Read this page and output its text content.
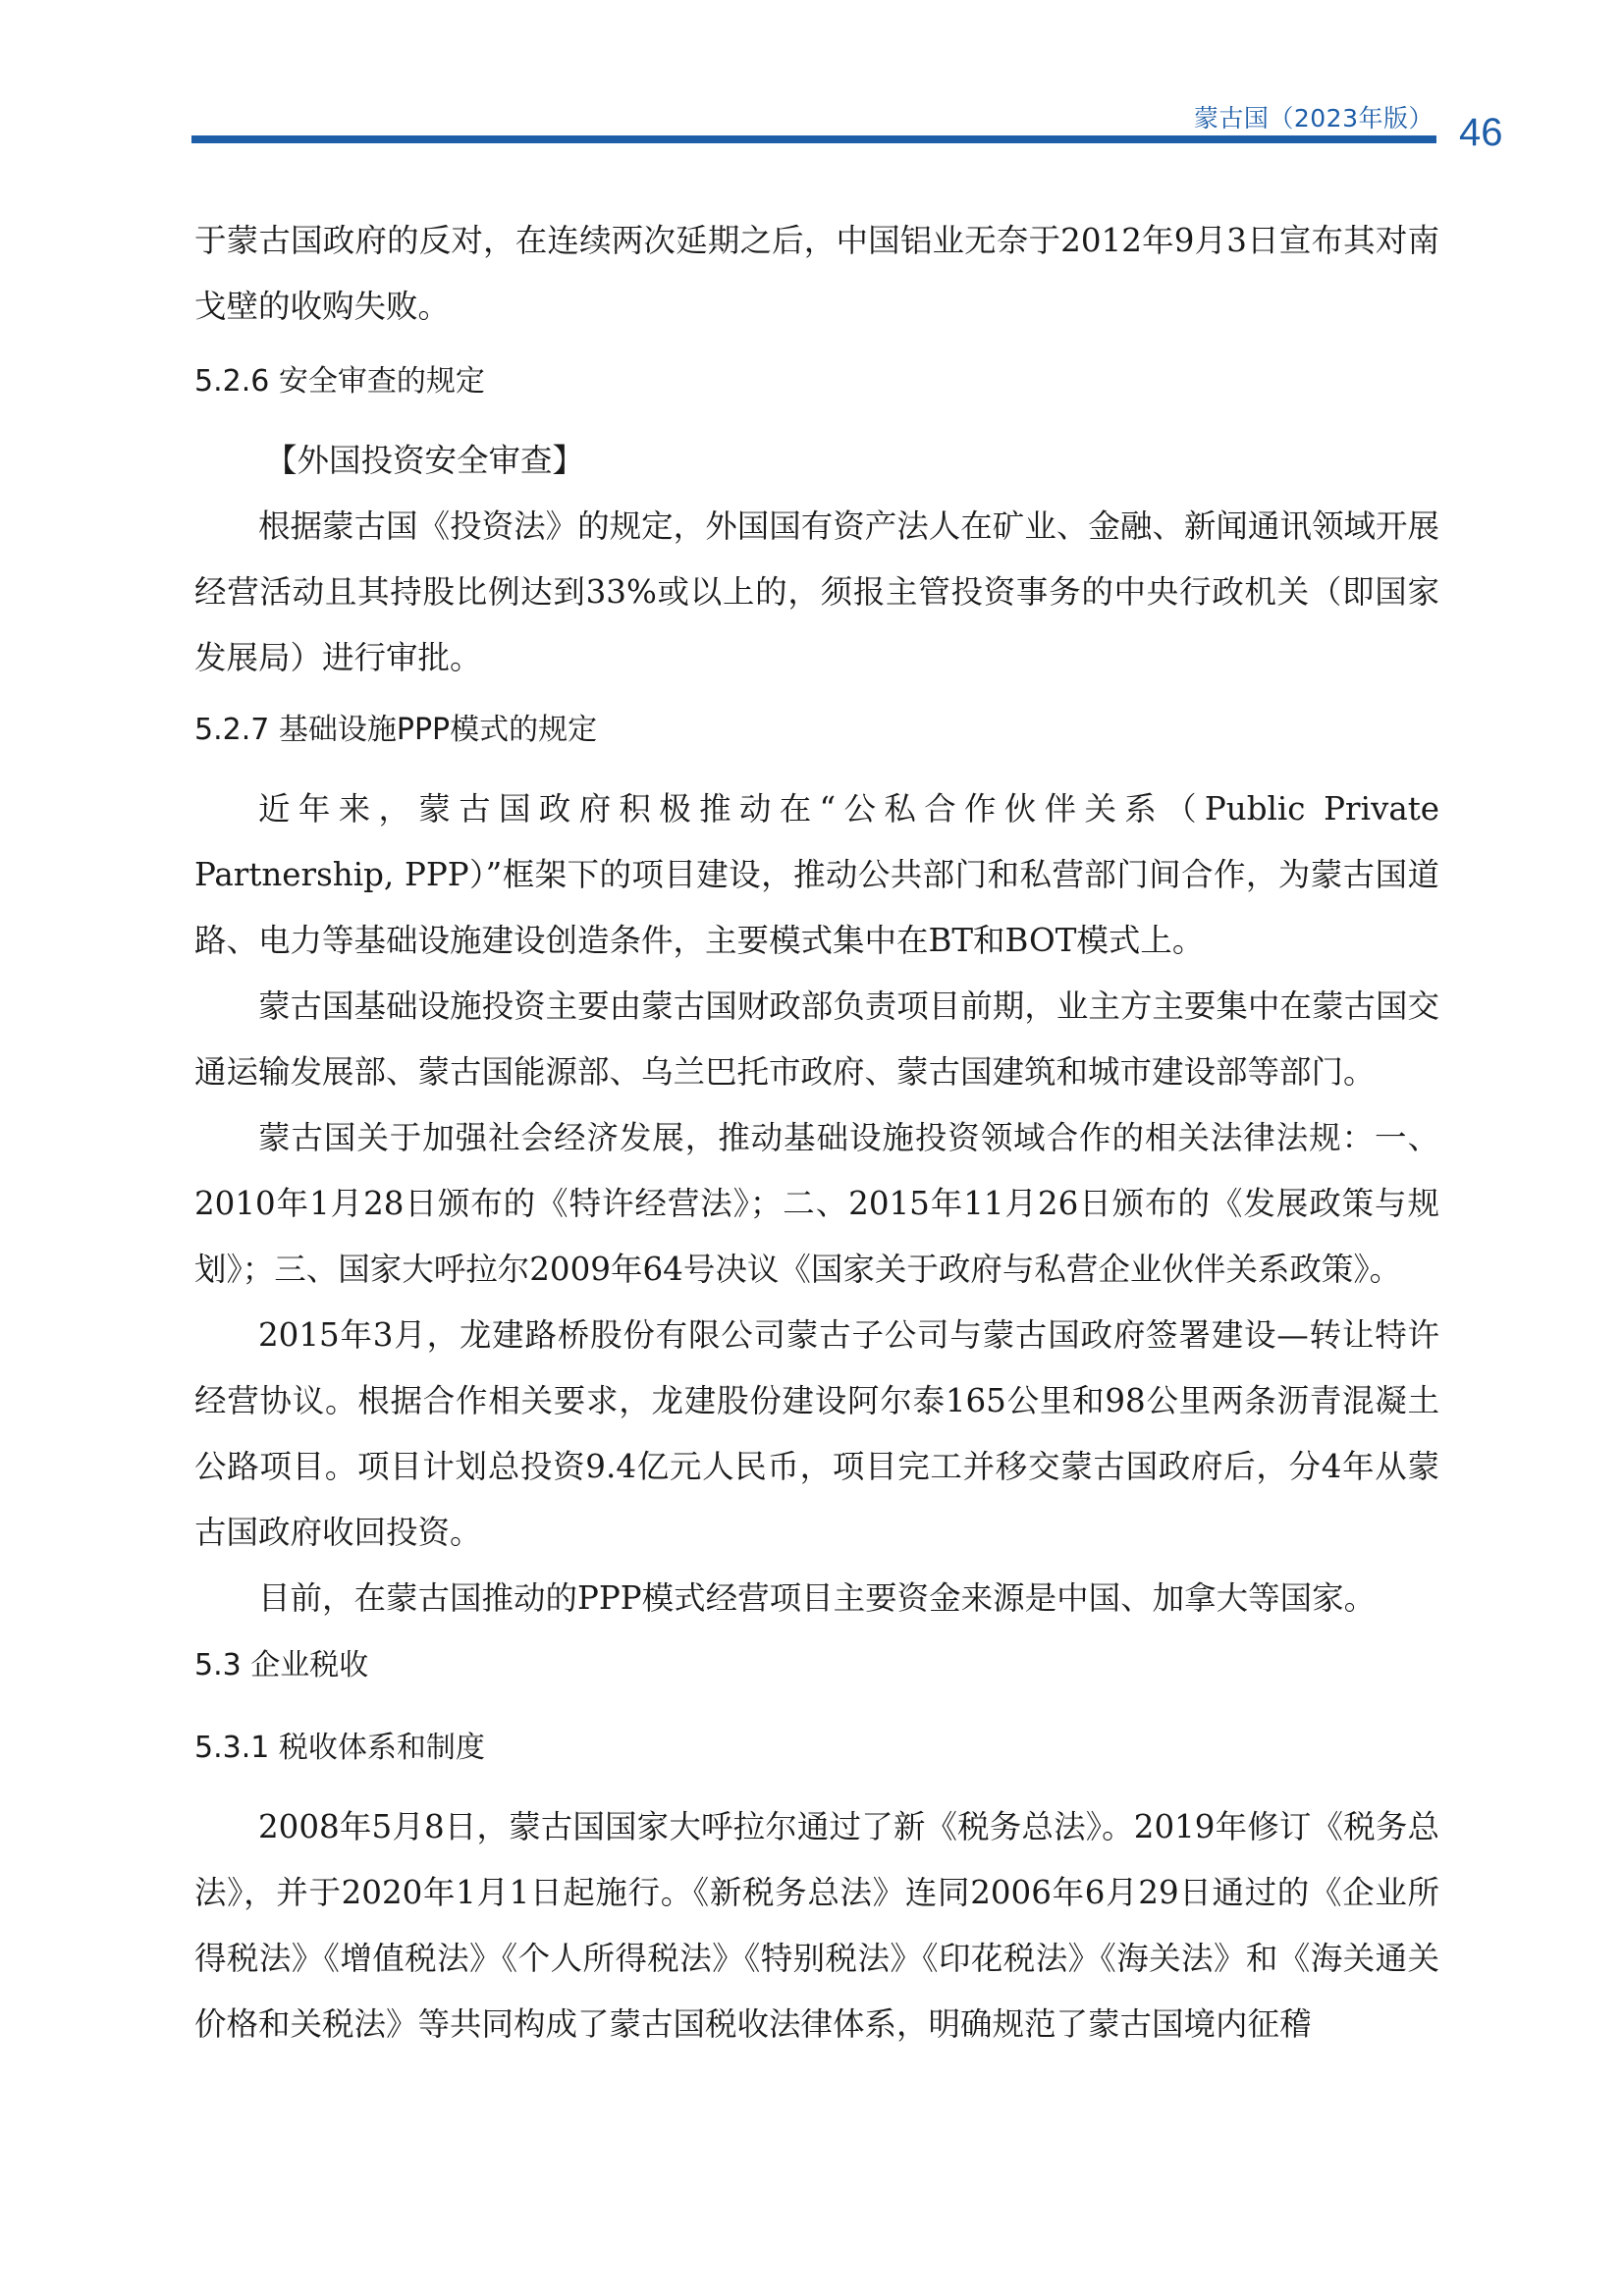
蒙古国（2023年版） 46

于蒙古国政府的反对，在连续两次延期之后，中国铝业无奈于2012年9月3日宣布其对南戈壁的收购失败。

5.2.6 安全审查的规定

【外国投资安全审查】

根据蒙古国《投资法》的规定，外国国有资产法人在矿业、金融、新闻通讯领域开展经营活动且其持股比例达到33%或以上的，须报主管投资事务的中央行政机关（即国家发展局）进行审批。

5.2.7 基础设施PPP模式的规定

近年来，蒙古国政府积极推动在“公私合作伙伴关系（Public Private Partnership, PPP）”框架下的项目建设，推动公共部门和私营部门间合作，为蒙古国道路、电力等基础设施建设创造条件，主要模式集中在BT和BOT模式上。

蒙古国基础设施投资主要由蒙古国财政部负责项目前期，业主方主要集中在蒙古国交通运输发展部、蒙古国能源部、乌兰巴托市政府、蒙古国建筑和城市建设部等部门。

蒙古国关于加强社会经济发展，推动基础设施投资领域合作的相关法律法规：一、2010年1月28日颁布的《特许经营法》；二、2015年11月26日颁布的《发展政策与规划》；三、国家大呼拉尔2009年64号决议《国家关于政府与私营企业伙伴关系政策》。

2015年3月，龙建路桥股份有限公司蒙古子公司与蒙古国政府签署建设—转让特许经营协议。根据合作相关要求，龙建股份建设阿尔泰165公里和98公里两条沥青混凝土公路项目。项目计划总投资9.4亿元人民币，项目完工并移交蒙古国政府后，分4年从蒙古国政府收回投资。

目前，在蒙古国推动的PPP模式经营项目主要资金来源是中国、加拿大等国家。

5.3 企业税收

5.3.1 税收体系和制度

2008年5月8日，蒙古国国家大呼拉尔通过了新《税务总法》。2019年修订《税务总法》，并于2020年1月1日起施行。《新税务总法》连同2006年6月29日通过的《企业所得税法》《增值税法》《个人所得税法》《特别税法》《印花税法》《海关法》和《海关通关价格和关税法》等共同构成了蒙古国税收法律体系，明确规范了蒙古国境内征稽
